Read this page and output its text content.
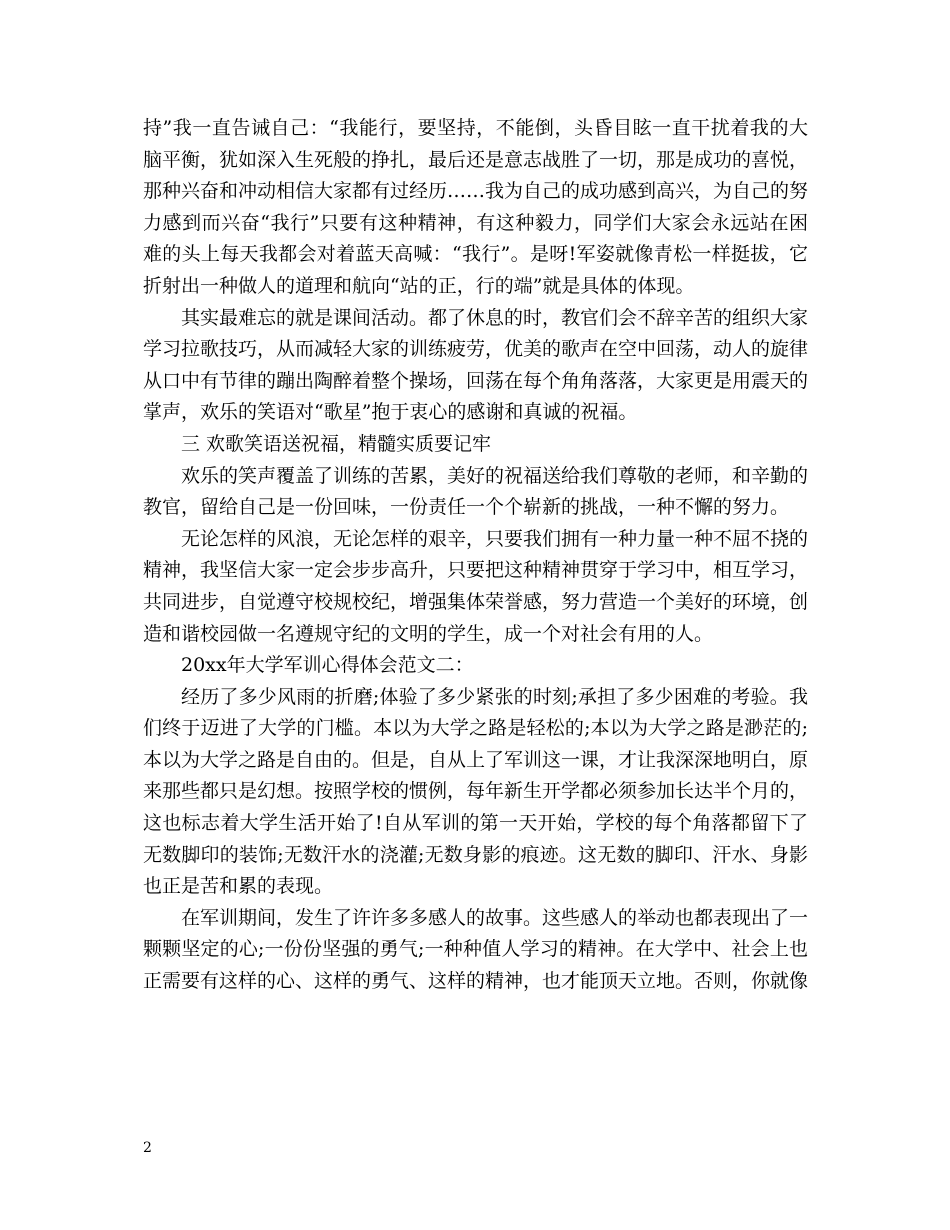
持”我一直告诫自己：“我能行，要坚持，不能倒，头昏目眩一直干扰着我的大脑平衡，犹如深入生死般的挣扎，最后还是意志战胜了一切，那是成功的喜悦，那种兴奋和冲动相信大家都有过经历……我为自己的成功感到高兴，为自己的努力感到而兴奋“我行”只要有这种精神，有这种毅力，同学们大家会永远站在困难的头上每天我都会对着蓝天高喊：“我行”。是呀!军姿就像青松一样挺拔，它折射出一种做人的道理和航向“站的正，行的端”就是具体的体现。

其实最难忘的就是课间活动。都了休息的时，教官们会不辞辛苦的组织大家学习拉歌技巧，从而减轻大家的训练疲劳，优美的歌声在空中回荡，动人的旋律从口中有节律的蹦出陶醉着整个操场，回荡在每个角角落落，大家更是用震天的掌声，欢乐的笑语对“歌星”抱于衷心的感谢和真诚的祝福。

三 欢歌笑语送祝福，精髓实质要记牢

欢乐的笑声覆盖了训练的苦累，美好的祝福送给我们尊敬的老师，和辛勤的教官，留给自己是一份回味，一份责任一个个崭新的挑战，一种不懈的努力。

无论怎样的风浪，无论怎样的艰辛，只要我们拥有一种力量一种不屈不挠的精神，我坚信大家一定会步步高升，只要把这种精神贯穿于学习中，相互学习，共同进步，自觉遵守校规校纪，增强集体荣誉感，努力营造一个美好的环境，创造和谐校园做一名遵规守纪的文明的学生，成一个对社会有用的人。

20xx年大学军训心得体会范文二：

经历了多少风雨的折磨;体验了多少紧张的时刻;承担了多少困难的考验。我们终于迈进了大学的门槛。本以为大学之路是轻松的;本以为大学之路是渺茫的;本以为大学之路是自由的。但是，自从上了军训这一课，才让我深深地明白，原来那些都只是幻想。按照学校的惯例，每年新生开学都必须参加长达半个月的，这也标志着大学生活开始了!自从军训的第一天开始，学校的每个角落都留下了无数脚印的装饰;无数汗水的浇灌;无数身影的痕迹。这无数的脚印、汗水、身影也正是苦和累的表现。

在军训期间，发生了许许多多感人的故事。这些感人的举动也都表现出了一颗颗坚定的心;一份份坚强的勇气;一种种值人学习的精神。在大学中、社会上也正需要有这样的心、这样的勇气、这样的精神，也才能顶天立地。否则，你就像

2
